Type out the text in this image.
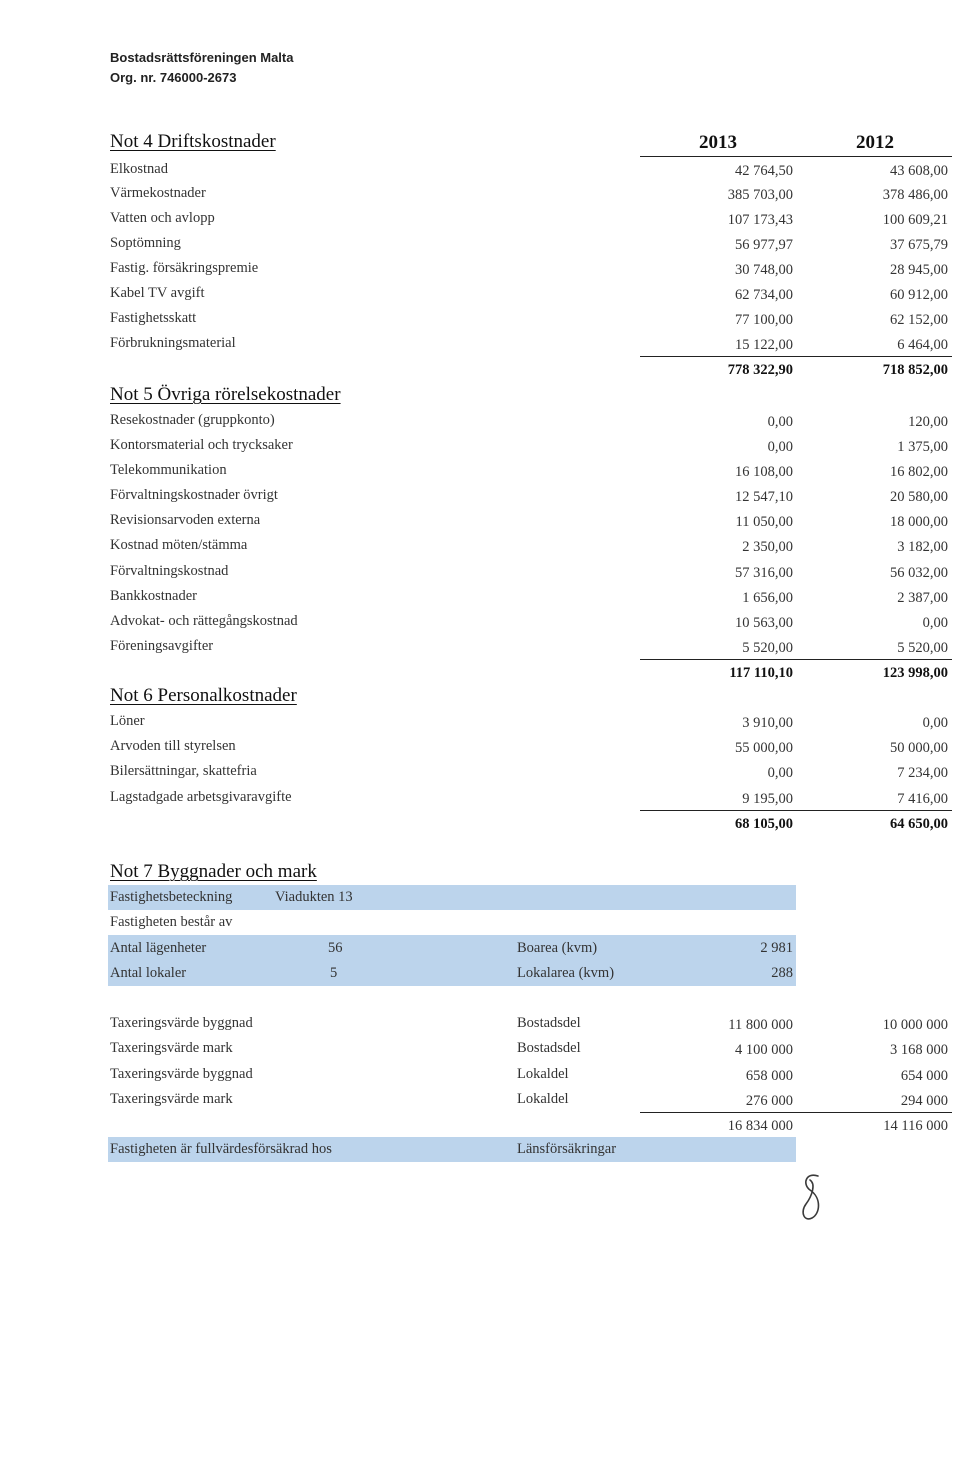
Bostadsrättsföreningen Malta
Org. nr. 746000-2673
2013	2012
Not 4 Driftskostnader
Elkostnad	42 764,50	43 608,00
Värmekostnader	385 703,00	378 486,00
Vatten och avlopp	107 173,43	100 609,21
Soptömning	56 977,97	37 675,79
Fastig. försäkringspremie	30 748,00	28 945,00
Kabel TV avgift	62 734,00	60 912,00
Fastighetsskatt	77 100,00	62 152,00
Förbrukningsmaterial	15 122,00	6 464,00
778 322,90	718 852,00
Not 5 Övriga rörelsekostnader
Resekostnader (gruppkonto)	0,00	120,00
Kontorsmaterial och trycksaker	0,00	1 375,00
Telekommunikation	16 108,00	16 802,00
Förvaltningskostnader övrigt	12 547,10	20 580,00
Revisionsarvoden externa	11 050,00	18 000,00
Kostnad möten/stämma	2 350,00	3 182,00
Förvaltningskostnad	57 316,00	56 032,00
Bankkostnader	1 656,00	2 387,00
Advokat- och rättegångskostnad	10 563,00	0,00
Föreningsavgifter	5 520,00	5 520,00
117 110,10	123 998,00
Not 6 Personalkostnader
Löner	3 910,00	0,00
Arvoden till styrelsen	55 000,00	50 000,00
Bilersättningar, skattefria	0,00	7 234,00
Lagstadgade arbetsgivaravgifte	9 195,00	7 416,00
68 105,00	64 650,00
Not 7 Byggnader och mark
Fastighetsbeteckning	Viadukten 13
Fastigheten består av
Antal lägenheter	56	Boarea (kvm)	2 981
Antal lokaler	5	Lokalarea (kvm)	288
Taxeringsvärde byggnad	Bostadsdel	11 800 000	10 000 000
Taxeringsvärde mark	Bostadsdel	4 100 000	3 168 000
Taxeringsvärde byggnad	Lokaldel	658 000	654 000
Taxeringsvärde mark	Lokaldel	276 000	294 000
16 834 000	14 116 000
Fastigheten är fullvärdesförsäkrad hos	Länsförsäkringar
